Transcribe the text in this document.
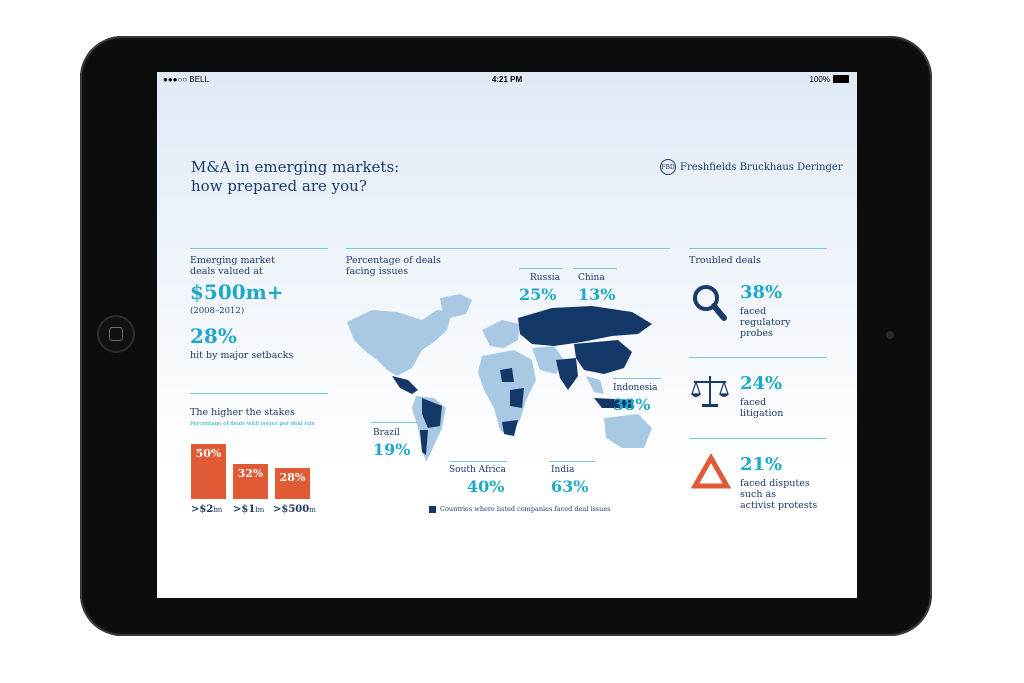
●●●○○ BELL	4:21 PM	100%
M&A in emerging markets:
how prepared are you?
FBD Freshfields Bruckhaus Deringer
Emerging market
deals valued at
$500m+
(2008–2012)
28%
hit by major setbacks
The higher the stakes
Percentage of deals with issues per deal size
50%
32%	28%
>$2bn >$1bn >$500m
Percentage of deals
facing issues
Russia
25%
China
13%
Indonesia
38%
Brazil
19%
South Africa
40%
India
63%
Countries where listed companies faced deal issues
Troubled deals
38%
faced
regulatory
probes
24%
faced
litigation
21%
faced disputes
such as
activist protests
